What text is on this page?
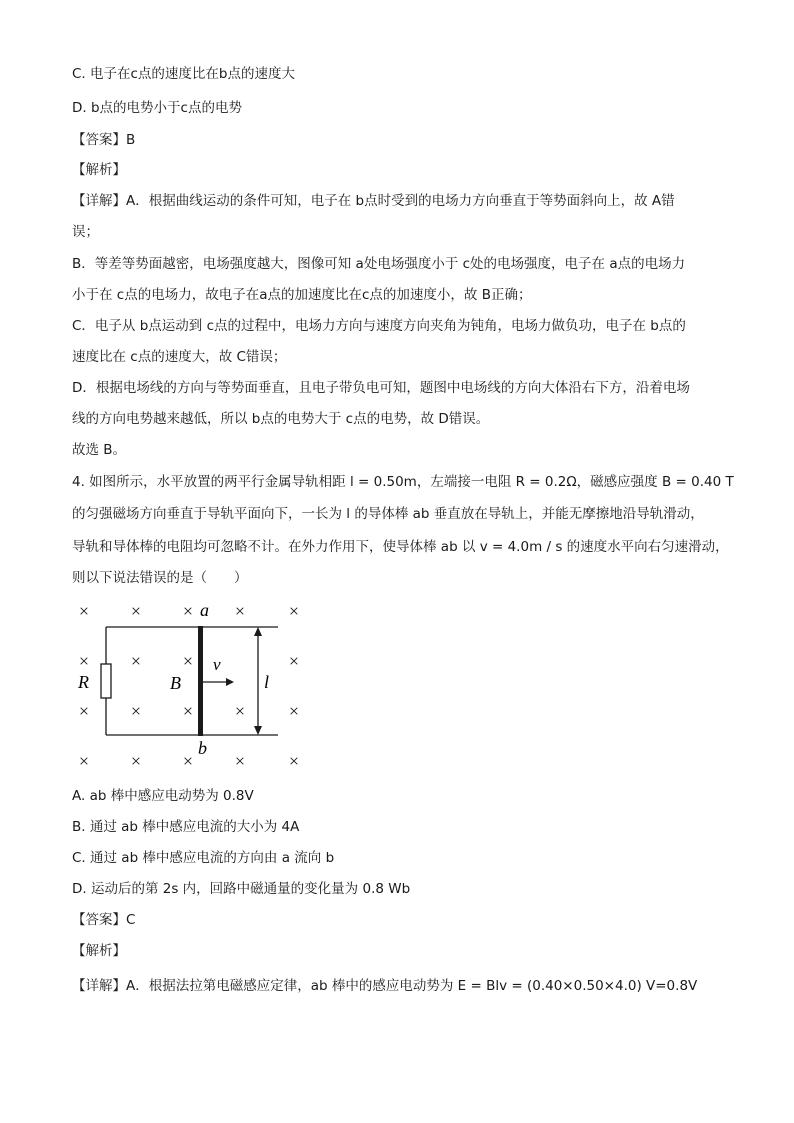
C. 电子在c点的速度比在b点的速度大
D. b点的电势小于c点的电势
【答案】B
【解析】
【详解】A．根据曲线运动的条件可知，电子在 b点时受到的电场力方向垂直于等势面斜向上，故 A错
误；
B．等差等势面越密，电场强度越大，图像可知 a处电场强度小于 c处的电场强度，电子在 a点的电场力
小于在 c点的电场力，故电子在a点的加速度比在c点的加速度小，故 B正确；
C．电子从 b点运动到 c点的过程中，电场力方向与速度方向夹角为钝角，电场力做负功，电子在 b点的
速度比在 c点的速度大，故 C错误；
D．根据电场线的方向与等势面垂直，且电子带负电可知，题图中电场线的方向大体沿右下方，沿着电场
线的方向电势越来越低，所以 b点的电势大于 c点的电势，故 D错误。
故选 B。
4. 如图所示，水平放置的两平行金属导轨相距 l = 0.50m，左端接一电阻 R = 0.2Ω，磁感应强度 B = 0.40 T
的匀强磁场方向垂直于导轨平面向下，一长为 l 的导体棒 ab 垂直放在导轨上，并能无摩擦地沿导轨滑动，
导轨和导体棒的电阻均可忽略不计。在外力作用下，使导体棒 ab 以 v = 4.0m / s 的速度水平向右匀速滑动，
则以下说法错误的是（　　）
× × × × ×
× × ×	×
× × × × ×
× × × × ×
a
b
R	B
v
l
A. ab 棒中感应电动势为 0.8V
B. 通过 ab 棒中感应电流的大小为 4A
C. 通过 ab 棒中感应电流的方向由 a 流向 b
D. 运动后的第 2s 内，回路中磁通量的变化量为 0.8 Wb
【答案】C
【解析】
【详解】A．根据法拉第电磁感应定律，ab 棒中的感应电动势为 E = Blv = (0.40×0.50×4.0) V=0.8V
